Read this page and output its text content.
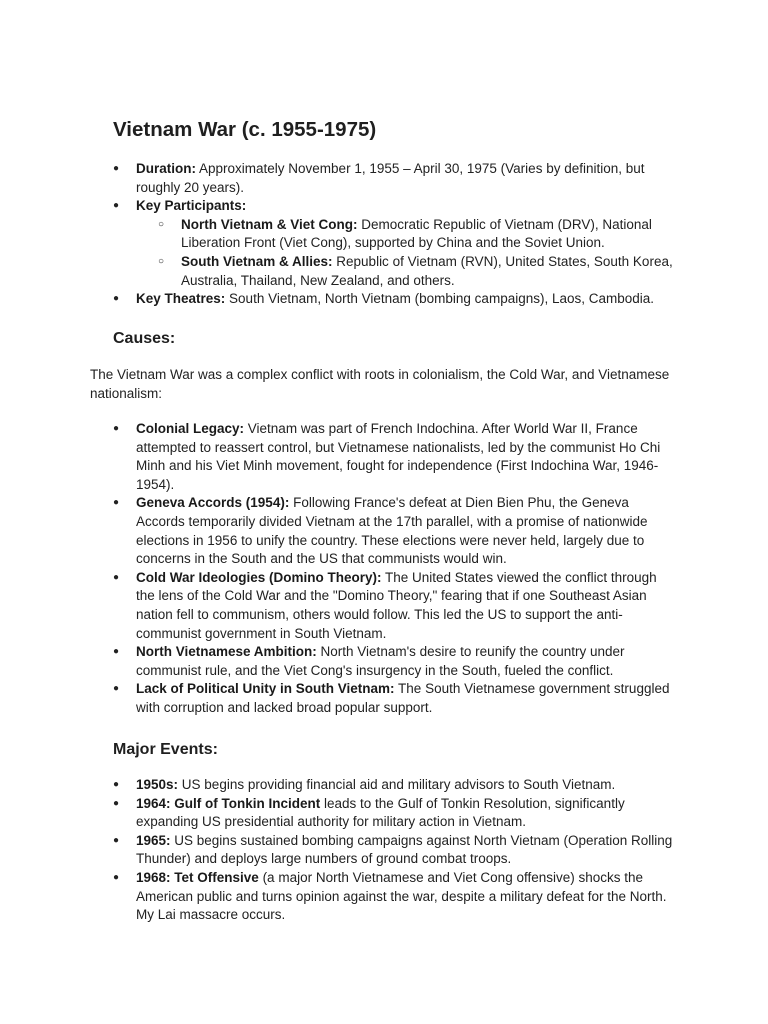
Vietnam War (c. 1955-1975)
● Duration: Approximately November 1, 1955 – April 30, 1975 (Varies by definition, but roughly 20 years).
● Key Participants:
○ North Vietnam & Viet Cong: Democratic Republic of Vietnam (DRV), National Liberation Front (Viet Cong), supported by China and the Soviet Union.
○ South Vietnam & Allies: Republic of Vietnam (RVN), United States, South Korea, Australia, Thailand, New Zealand, and others.
● Key Theatres: South Vietnam, North Vietnam (bombing campaigns), Laos, Cambodia.
Causes:

The Vietnam War was a complex conflict with roots in colonialism, the Cold War, and Vietnamese nationalism:

● Colonial Legacy: Vietnam was part of French Indochina. After World War II, France attempted to reassert control, but Vietnamese nationalists, led by the communist Ho Chi Minh and his Viet Minh movement, fought for independence (First Indochina War, 1946-1954).
● Geneva Accords (1954): Following France's defeat at Dien Bien Phu, the Geneva Accords temporarily divided Vietnam at the 17th parallel, with a promise of nationwide elections in 1956 to unify the country. These elections were never held, largely due to concerns in the South and the US that communists would win.
● Cold War Ideologies (Domino Theory): The United States viewed the conflict through the lens of the Cold War and the "Domino Theory," fearing that if one Southeast Asian nation fell to communism, others would follow. This led the US to support the anti-communist government in South Vietnam.
● North Vietnamese Ambition: North Vietnam's desire to reunify the country under communist rule, and the Viet Cong's insurgency in the South, fueled the conflict.
● Lack of Political Unity in South Vietnam: The South Vietnamese government struggled with corruption and lacked broad popular support.
Major Events:
● 1950s: US begins providing financial aid and military advisors to South Vietnam.
● 1964: Gulf of Tonkin Incident leads to the Gulf of Tonkin Resolution, significantly expanding US presidential authority for military action in Vietnam.
● 1965: US begins sustained bombing campaigns against North Vietnam (Operation Rolling Thunder) and deploys large numbers of ground combat troops.
● 1968: Tet Offensive (a major North Vietnamese and Viet Cong offensive) shocks the American public and turns opinion against the war, despite a military defeat for the North. My Lai massacre occurs.
